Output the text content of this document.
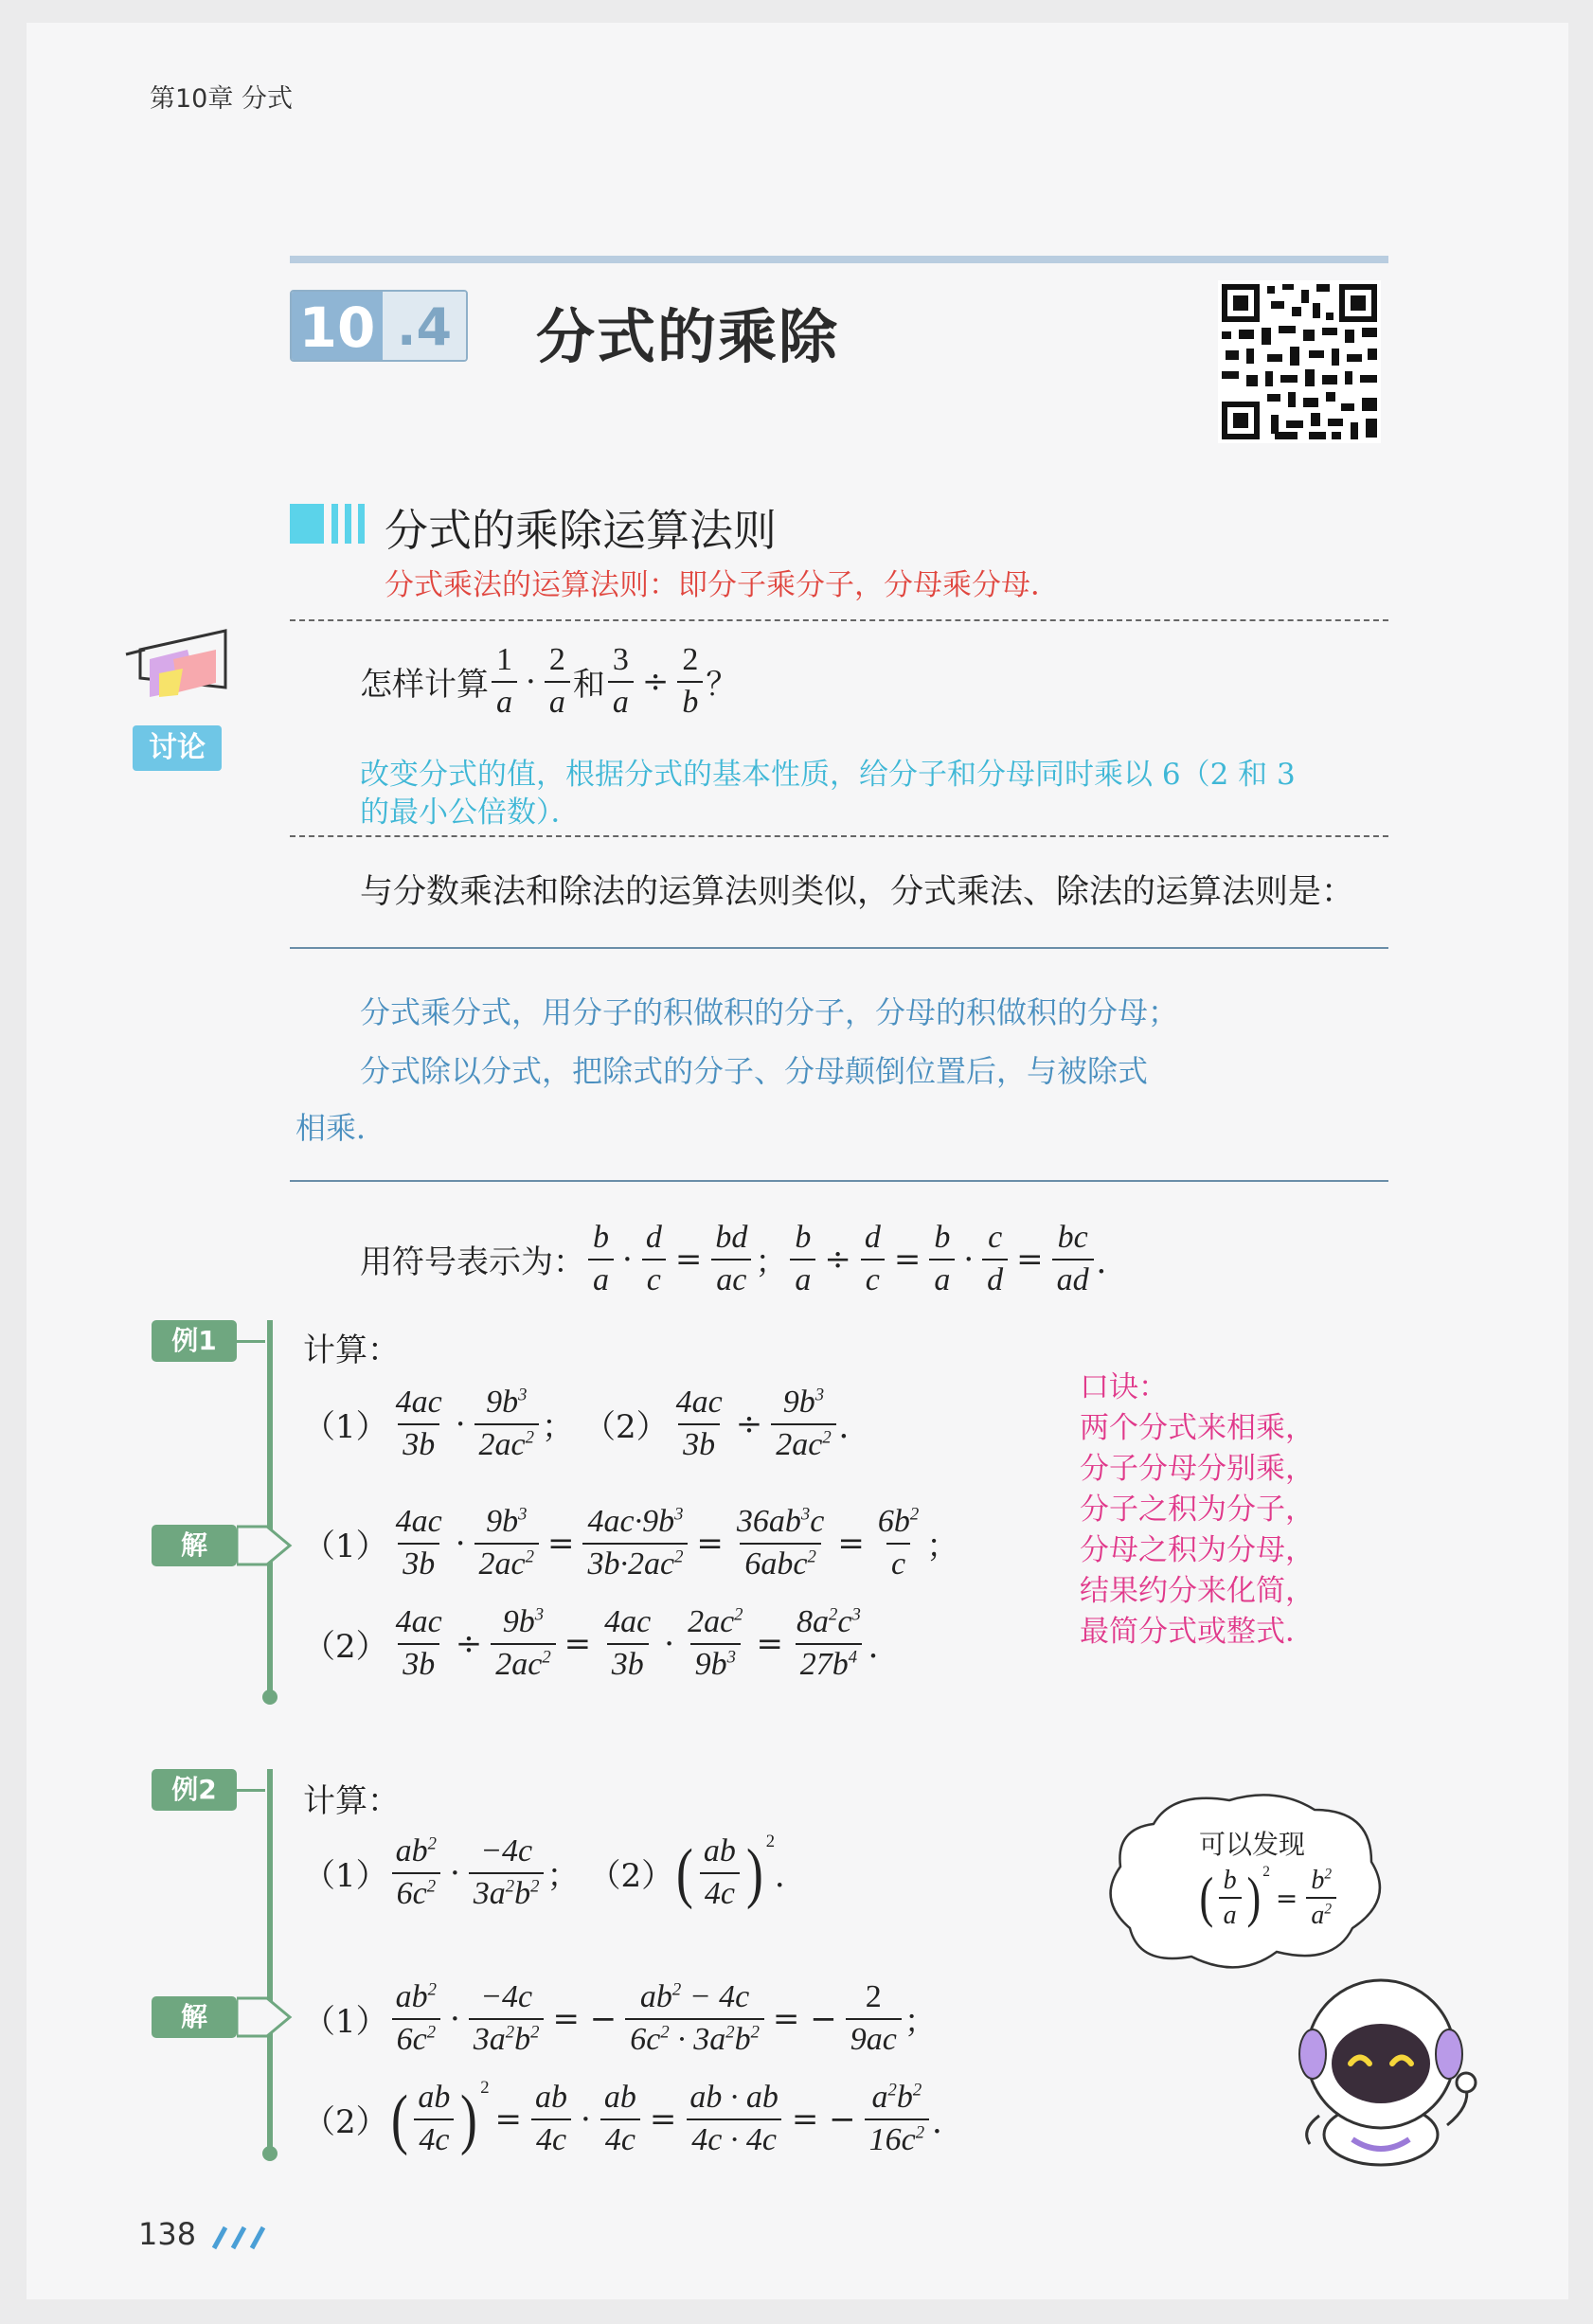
第10章 分式
10 .4 分式的乘除
分式的乘除运算法则
分式乘法的运算法则：即分子乘分子，分母乘分母．
讨论
怎样计算 $\frac{1}{a} \cdot \frac{2}{a}$ 和 $\frac{3}{a} \div \frac{2}{b}$ ？
改变分式的值，根据分式的基本性质，给分子和分母同时乘以 6（2 和 3
的最小公倍数）．
与分数乘法和除法的运算法则类似，分式乘法、除法的运算法则是：
分式乘分式，用分子的积做积的分子，分母的积做积的分母；
分式除以分式，把除式的分子、分母颠倒位置后，与被除式
相乘．
用符号表示为： $\frac{b}{a} \cdot \frac{d}{c} = \frac{bd}{ac}$ ； $\frac{b}{a} \div \frac{d}{c} = \frac{b}{a} \cdot \frac{c}{d} = \frac{bc}{ad}$ ．
例1	计算：
$(1) \frac{4ac}{3b} \cdot \frac{9b^3}{2ac^2}$ ； $(2) \frac{4ac}{3b} \div \frac{9b^3}{2ac^2}$ ．
解	$(1) \frac{4ac}{3b} \cdot \frac{9b^3}{2ac^2} = \frac{4ac\cdot 9b^3}{3b\cdot 2ac^2} = \frac{36ab^3c}{6abc^2} = \frac{6b^2}{c}$ ；
$(2) \frac{4ac}{3b} \div \frac{9b^3}{2ac^2} = \frac{4ac}{3b} \cdot \frac{2ac^2}{9b^3} = \frac{8a^2c^3}{27b^4}$ ．
口诀：
两个分式来相乘，
分子分母分别乘，
分子之积为分子，
分母之积为分母，
结果约分来化简，
最简分式或整式．
例2	计算：
$(1) \frac{ab^2}{6c^2} \cdot \frac{-4c}{3a^2b^2}$ ； （2） ( $\frac{ab}{4c} )^2$
．
解	$(1) \frac{ab^2}{6c^2} \cdot \frac{-4c}{3a^2b^2}$ = − $\frac{ab^2 - 4c}{6c^2 \cdot 3a^2b^2}$ = − $\frac{2}{9ac}$ ；
（2） ( $\frac{ab}{4c} )^2$
= $\frac{ab}{4c} \cdot \frac{ab}{4c} = \frac{ab \cdot ab}{4c \cdot 4c}$ = − $\frac{a^2b^2}{16c^2}$ ．
可以发现
( $\frac{b}{a} )^2$
= $\frac{b^2}{a^2}$
138
